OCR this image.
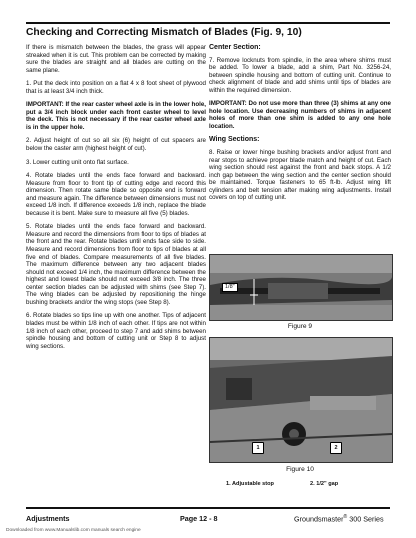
Checking and Correcting Mismatch of Blades (Fig. 9, 10)

If there is mismatch between the blades, the grass will appear streaked when it is cut. This problem can be corrected by making sure the blades are straight and all blades are cutting on the same plane.

1. Put the deck into position on a flat 4 x 8 foot sheet of plywood that is at least 3/4 inch thick.

IMPORTANT: If the rear caster wheel axle is in the lower hole, put a 3/4 inch block under each front caster wheel to level the deck. This is not necessary if the rear caster wheel axle is in the upper hole.

2. Adjust height of cut so all six (6) height of cut spacers are below the caster arm (highest height of cut).

3. Lower cutting unit onto flat surface.

4. Rotate blades until the ends face forward and backward. Measure from floor to front tip of cutting edge and record this dimension. Then rotate same blade so opposite end is forward and measure again. The difference between dimensions must not exceed 1/8 inch. If difference exceeds 1/8 inch, replace the blade because it is bent. Make sure to measure all five (5) blades.

5. Rotate blades until the ends face forward and backward. Measure and record the dimensions from floor to tips of blades at the front and the rear. Rotate blades until ends face side to side. Measure and record dimensions from floor to tips of blades at all five end of blades. Compare measurements of all five blades. The maximum difference between any two adjacent blades should not exceed 1/4 inch, the maximum difference between the highest and lowest blade should not exceed 3/8 inch. The three center section blades can be adjusted with shims (see Step 7). The wing blades can be adjusted by repositioning the hinge bushing brackets and/or the wing stops (see Step 8).

6. Rotate blades so tips line up with one another. Tips of adjacent blades must be within 1/8 inch of each other. If tips are not within 1/8 inch of each other, proceed to step 7 and add shims between spindle housing and bottom of cutting unit or Step 8 to adjust wing sections.

Center Section:

7. Remove locknuts from spindle, in the area where shims must be added. To lower a blade, add a shim, Part No. 3256-24, between spindle housing and bottom of cutting unit. Continue to check alignment of blade and add shims until tips of blades are within the required dimension.

IMPORTANT: Do not use more than three (3) shims at any one hole location. Use decreasing numbers of shims in adjacent holes of more than one shim is added to any one hole location.

Wing Sections:

8. Raise or lower hinge bushing brackets and/or adjust front and rear stops to achieve proper blade match and height of cut. Each wing section should rest against the front and back stops. A 1/2 inch gap between the wing section and the center section should be maintained. Torque fasteners to 65 ft-lb. Adjust wing lift cylinders and belt tension after making wing adjustments. Install covers on top of cutting unit.

1/8"
Figure 9
1	2
Figure 10
1. Adjustable stop	2. 1/2" gap
Adjustments	Page 12 - 8	Groundsmaster® 300 Series
Downloaded from www.Manualslib.com manuals search engine
